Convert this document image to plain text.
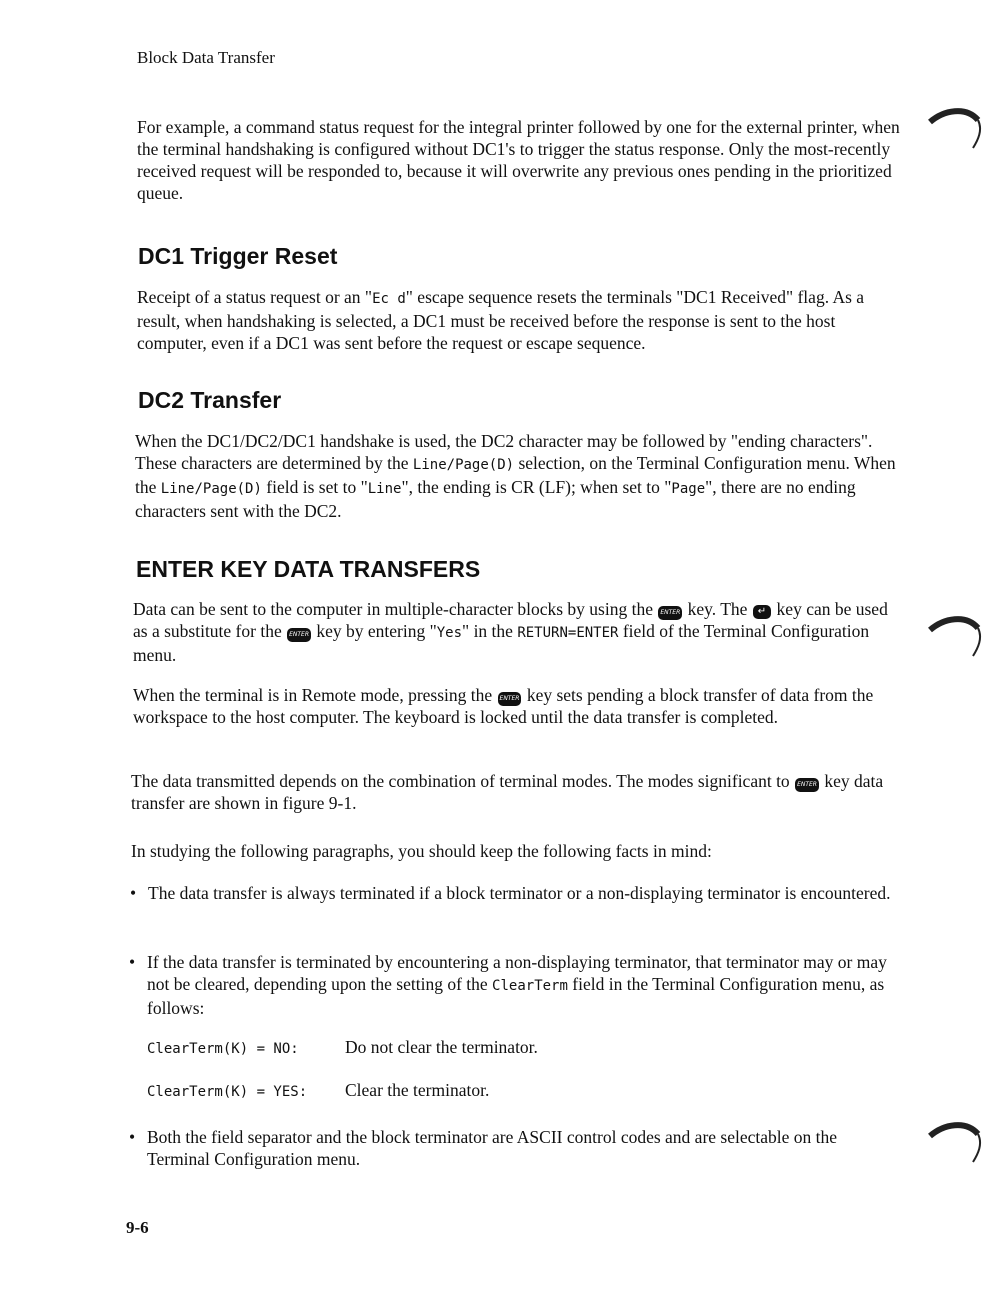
Block Data Transfer
For example, a command status request for the integral printer followed by one for the external printer, when the terminal handshaking is configured without DC1's to trigger the status response. Only the most-recently received request will be responded to, because it will overwrite any previous ones pending in the prioritized queue.
DC1 Trigger Reset
Receipt of a status request or an "Ec d" escape sequence resets the terminals "DC1 Received" flag. As a result, when handshaking is selected, a DC1 must be received before the response is sent to the host computer, even if a DC1 was sent before the request or escape sequence.
DC2 Transfer
When the DC1/DC2/DC1 handshake is used, the DC2 character may be followed by "ending characters". These characters are determined by the Line/Page(D) selection, on the Terminal Configuration menu. When the Line/Page(D) field is set to "Line", the ending is CR (LF); when set to "Page", there are no ending characters sent with the DC2.
ENTER KEY DATA TRANSFERS
Data can be sent to the computer in multiple-character blocks by using the ENTER key. The ↵ key can be used as a substitute for the ENTER key by entering "Yes" in the RETURN=ENTER field of the Terminal Configuration menu.
When the terminal is in Remote mode, pressing the ENTER key sets pending a block transfer of data from the workspace to the host computer. The keyboard is locked until the data transfer is completed.
The data transmitted depends on the combination of terminal modes. The modes significant to ENTER key data transfer are shown in figure 9-1.
In studying the following paragraphs, you should keep the following facts in mind:
• The data transfer is always terminated if a block terminator or a non-displaying terminator is encountered.
• If the data transfer is terminated by encountering a non-displaying terminator, that terminator may or may not be cleared, depending upon the setting of the ClearTerm field in the Terminal Configuration menu, as follows:
ClearTerm(K) = NO:	Do not clear the terminator.
ClearTerm(K) = YES: Clear the terminator.
• Both the field separator and the block terminator are ASCII control codes and are selectable on the Terminal Configuration menu.
9-6
